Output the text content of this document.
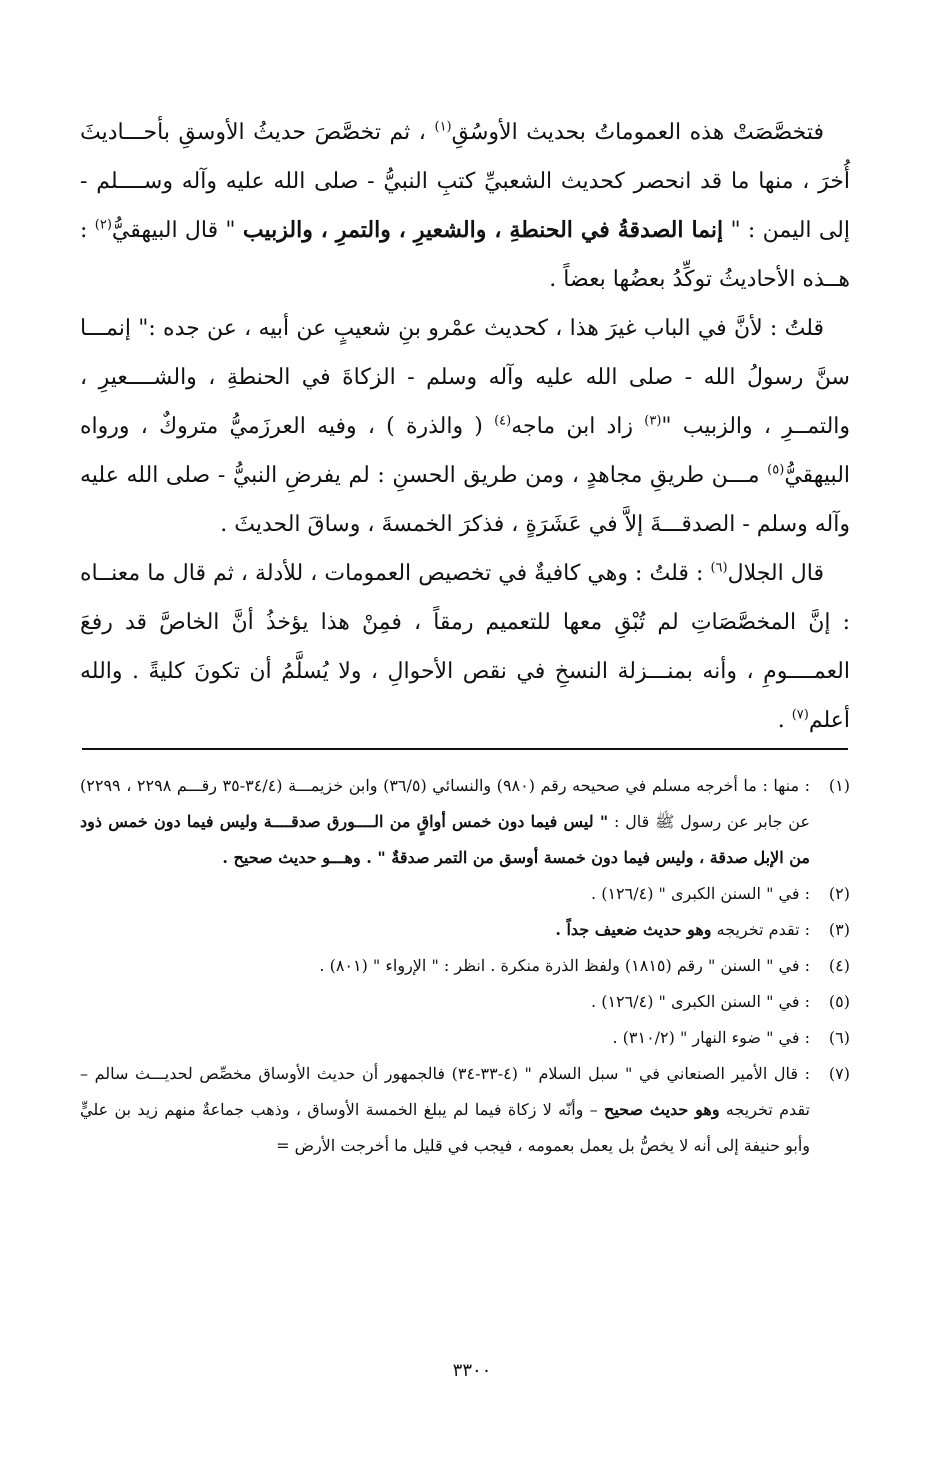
فتخصَّصَتْ هذه العموماتُ بحديث الأوسُقِ$^{(١)}$ ، ثم تخصَّصَ حديثُ الأوسقِ بأحـــاديثَ أُخرَ ، منها ما قد انحصر كحديث الشعبيِّ كتبِ النبيُّ - صلى الله عليه وآله وســــلم - إلى اليمن : " إنما الصدقةُ في الحنطةِ ، والشعيرِ ، والتمرِ ، والزبيب " قال البيهقيُّ$^{(٢)}$ : هــذه الأحاديثُ توكِّدُ بعضُها بعضاً .

قلتُ : لأنَّ في الباب غيرَ هذا ، كحديث عمْرو بنِ شعيبٍ عن أبيه ، عن جده :" إنمـــا سنَّ رسولُ الله - صلى الله عليه وآله وسلم - الزكاةَ في الحنطةِ ، والشــــعيرِ ، والتمــرِ ، والزبيب "$^{(٣)}$ زاد ابن ماجه$^{(٤)}$ ( والذرة ) ، وفيه العرزَميُّ متروكٌ ، ورواه البيهقيُّ$^{(٥)}$ مـــن طريقِ مجاهدٍ ، ومن طريق الحسنِ : لم يفرضِ النبيُّ - صلى الله عليه وآله وسلم - الصدقـــةَ إلاَّ في عَشَرَةٍ ، فذكرَ الخمسةَ ، وساقَ الحديثَ .

قال الجلال$^{(٦)}$ : قلتُ : وهي كافيةٌ في تخصيص العمومات ، للأدلة ، ثم قال ما معنــاه : إنَّ المخصَّصَاتِ لم تُبْقِ معها للتعميم رمقاً ، فمِنْ هذا يؤخذُ أنَّ الخاصَّ قد رفعَ العمــــومِ ، وأنه بمنـــزلة النسخِ في نقص الأحوالِ ، ولا يُسلَّمُ أن تكونَ كليةً . والله أعلم$^{(٧)}$ .

(١): منها : ما أخرجه مسلم في صحيحه رقم (٩٨٠) والنسائي (٣٦/٥) وابن خزيمـــة (٣٤/٤-٣٥ رقـــم ٢٢٩٨ ، ٢٢٩٩) عن جابر عن رسول ﷺ قال : " ليس فيما دون خمس أواقٍ من الــــورق صدقــــة وليس فيما دون خمس ذود من الإبل صدقة ، وليس فيما دون خمسة أوسق من التمر صدقةٌ " . وهـــو حديث صحيح .

(٢): في " السنن الكبرى " (١٢٦/٤) .

(٣): تقدم تخريجه وهو حديث ضعيف جداً .

(٤): في " السنن " رقم (١٨١٥) ولفظ الذرة منكرة . انظر : " الإرواء " (٨٠١) .

(٥): في " السنن الكبرى " (١٢٦/٤) .

(٦): في " ضوء النهار " (٣١٠/٢) .

(٧): قال الأمير الصنعاني في " سبل السلام " (٤-٣٣-٣٤) فالجمهور أن حديث الأوساق مخصِّص لحديـــث سالم – تقدم تخريجه وهو حديث صحيح – وأنّه لا زكاة فيما لم يبلغ الخمسة الأوساق ، وذهب جماعةٌ منهم زيد بن عليٍّ وأبو حنيفة إلى أنه لا يخصُّ بل يعمل بعمومه ، فيجب في قليل ما أخرجت الأرض =

٣٣٠٠
